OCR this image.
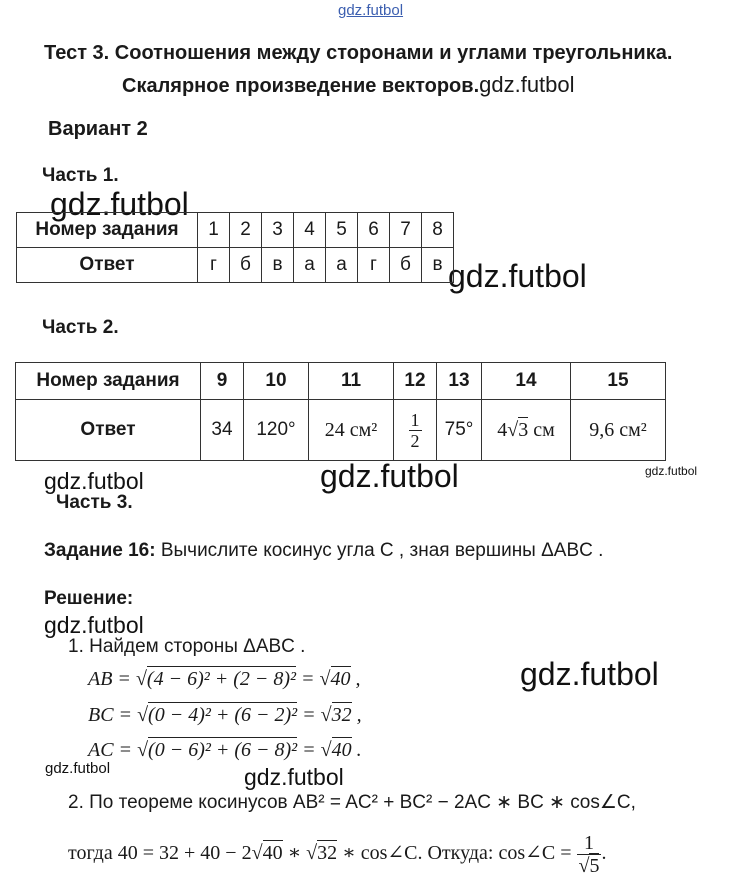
gdz.futbol
gdz.futbol
gdz.futbol
gdz.futbol	gdz.futbol	gdz.futbol
gdz.futbol
gdz.futbol
gdz.futbol	gdz.futbol
Тест 3. Соотношения между сторонами и углами треугольника.
Скалярное произведение векторов.gdz.futbol
Вариант 2
Часть 1.
Номер задания	1	2	3	4	5	6	7	8
Ответ	г	б	в	а	а	г	б	в
Часть 2.
Номер задания	9	10	11	12	13	14	15
Ответ	34	120°	24 см²	$\frac{1}{2}$	75°	4√3 см	9,6 см²
Часть 3.
Задание 16: Вычислите косинус угла C , зная вершины ΔABC .
Решение:
1. Найдем стороны ΔABC .
AB = √(4 − 6)² + (2 − 8)² = √40 ,
BC = √(0 − 4)² + (6 − 2)² = √32 ,
AC = √(0 − 6)² + (6 − 8)² = √40 .
2. По теореме косинусов AB² = AC² + BC² − 2AC ∗ BC ∗ cos∠C,
тогда 40 = 32 + 40 − 2√40 ∗ √32 ∗ cos∠C. Откуда: cos∠C = $\frac{1}{√5}$ .
